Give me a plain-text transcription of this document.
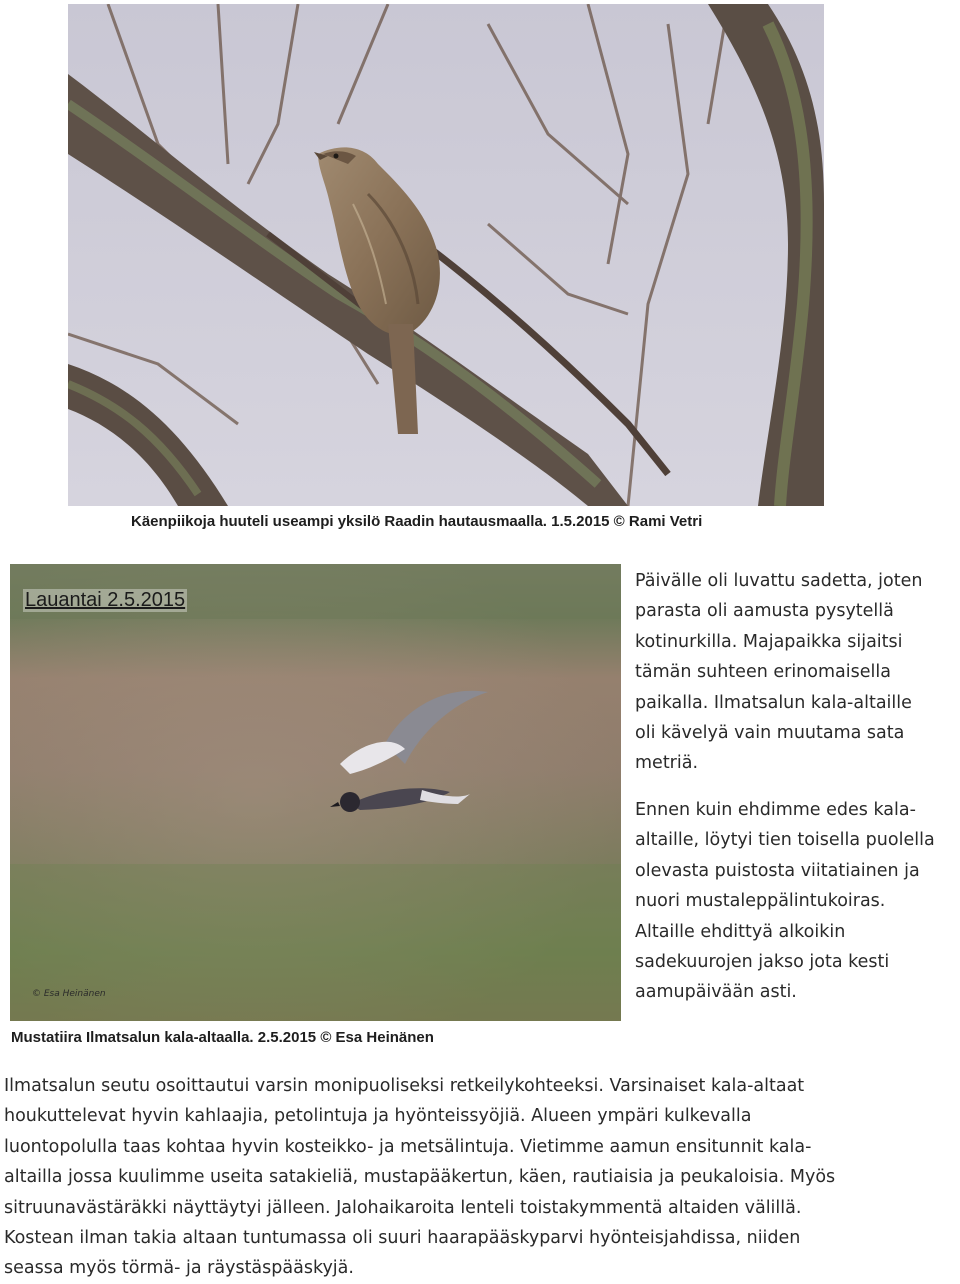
Käenpiikoja huuteli useampi yksilö Raadin hautausmaalla. 1.5.2015 © Rami Vetri
© Esa Heinänen
Lauantai 2.5.2015
Mustatiira Ilmatsalun kala-altaalla. 2.5.2015 © Esa Heinänen
Päivälle oli luvattu sadetta, joten
parasta oli aamusta pysytellä
kotinurkilla. Majapaikka sijaitsi
tämän suhteen erinomaisella
paikalla. Ilmatsalun kala-altaille
oli kävelyä vain muutama sata
metriä.
Ennen kuin ehdimme edes kala-
altaille, löytyi tien toisella puolella
olevasta puistosta viitatiainen ja
nuori mustaleppälintukoiras.
Altaille ehdittyä alkoikin
sadekuurojen jakso jota kesti
aamupäivään asti.
Ilmatsalun seutu osoittautui varsin monipuoliseksi retkeilykohteeksi. Varsinaiset kala-altaat
houkuttelevat hyvin kahlaajia, petolintuja ja hyönteissyöjiä. Alueen ympäri kulkevalla
luontopolulla taas kohtaa hyvin kosteikko- ja metsälintuja. Vietimme aamun ensitunnit kala-
altailla jossa kuulimme useita satakieliä, mustapääkertun, käen, rautiaisia ja peukaloisia. Myös
sitruunavästäräkki näyttäytyi jälleen. Jalohaikaroita lenteli toistakymmentä altaiden välillä.
Kostean ilman takia altaan tuntumassa oli suuri haarapääskyparvi hyönteisjahdissa, niiden
seassa myös törmä- ja räystäspääskyjä.
